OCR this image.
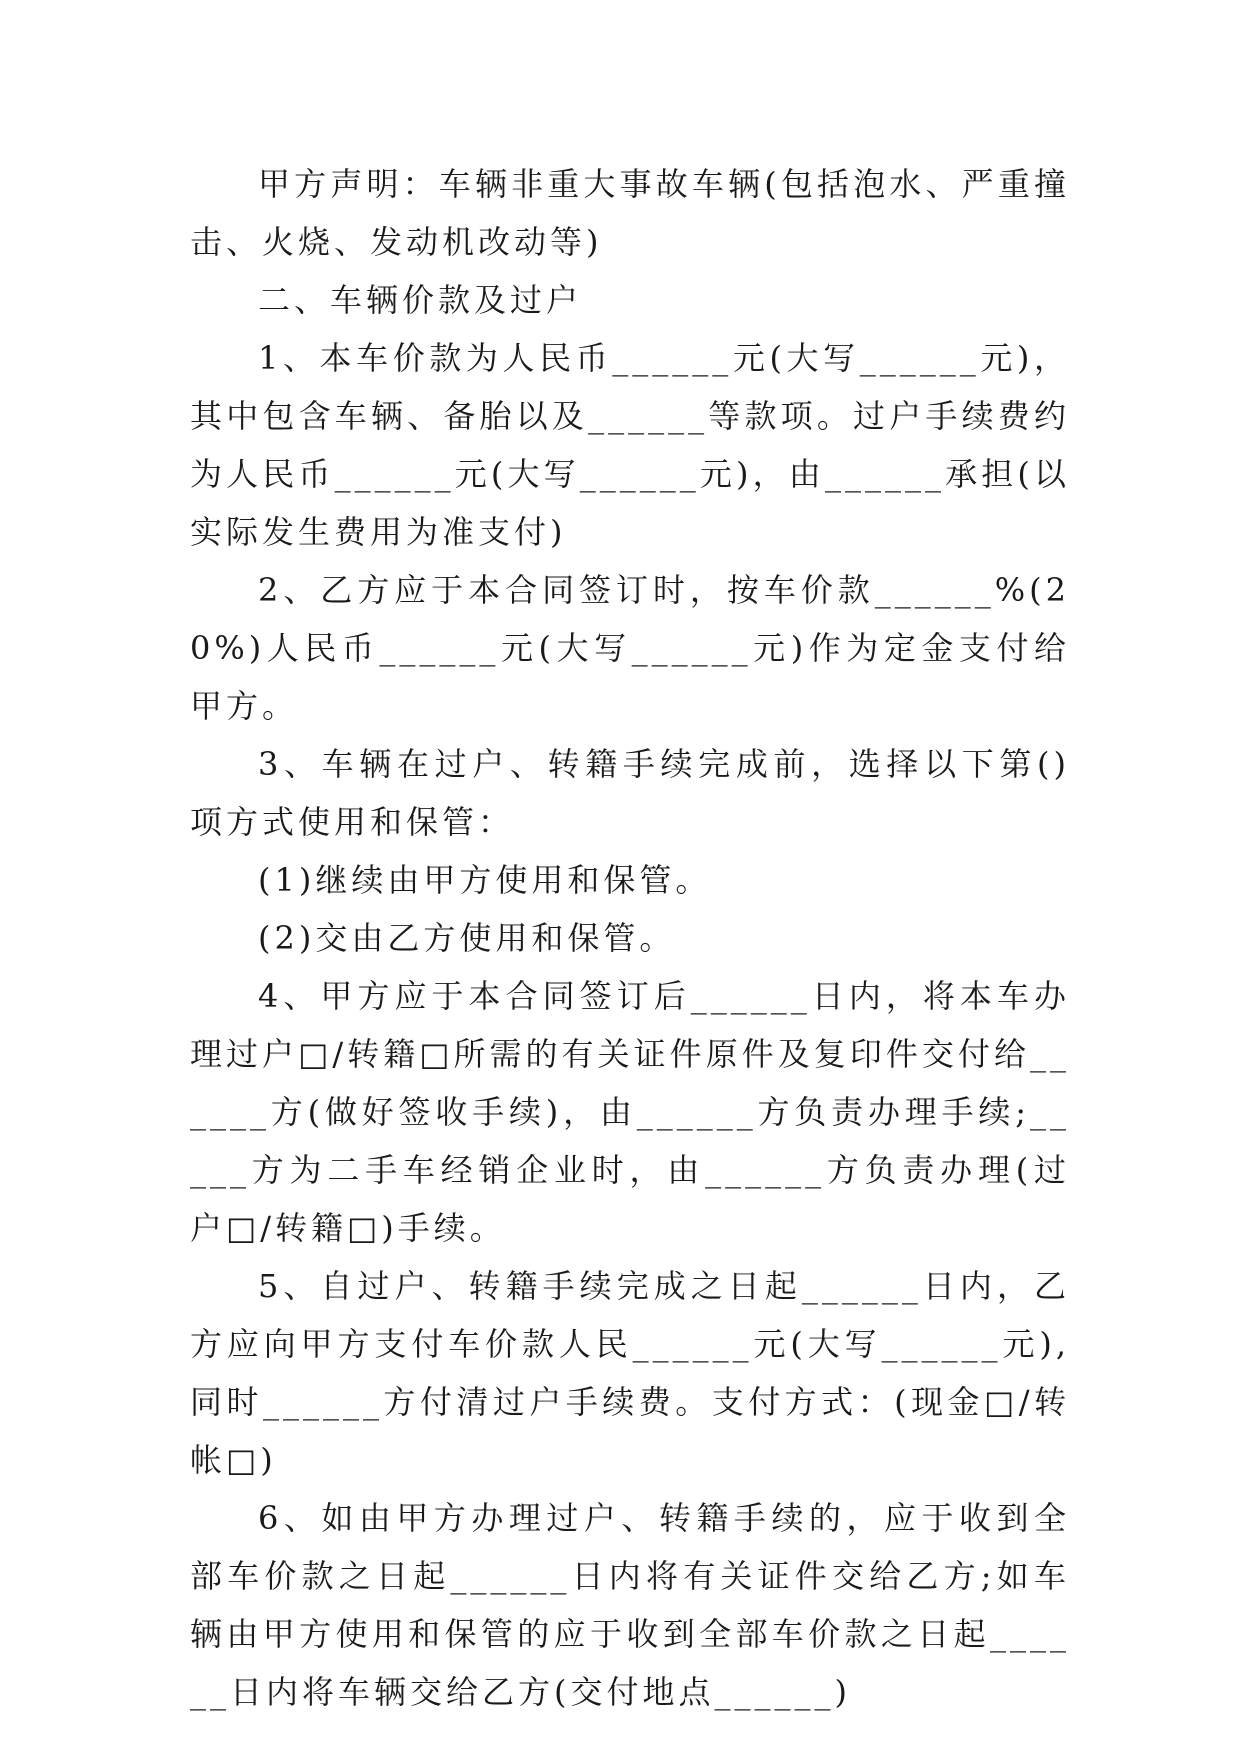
甲方声明：车辆非重大事故车辆(包括泡水、严重撞击、火烧、发动机改动等)

二、车辆价款及过户

1、本车价款为人民币______元(大写______元)，其中包含车辆、备胎以及______等款项。过户手续费约为人民币______元(大写______元)，由______承担(以实际发生费用为准支付)

2、乙方应于本合同签订时，按车价款______%(20%)人民币______元(大写______元)作为定金支付给甲方。

3、车辆在过户、转籍手续完成前，选择以下第()项方式使用和保管：

(1)继续由甲方使用和保管。

(2)交由乙方使用和保管。

4、甲方应于本合同签订后______日内，将本车办理过户□/转籍□所需的有关证件原件及复印件交付给______方(做好签收手续)，由______方负责办理手续;_____方为二手车经销企业时，由______方负责办理(过户□/转籍□)手续。

5、自过户、转籍手续完成之日起______日内，乙方应向甲方支付车价款人民______元(大写______元),同时______方付清过户手续费。支付方式：(现金□/转帐□)

6、如由甲方办理过户、转籍手续的，应于收到全部车价款之日起______日内将有关证件交给乙方;如车辆由甲方使用和保管的应于收到全部车价款之日起______日内将车辆交给乙方(交付地点______)
